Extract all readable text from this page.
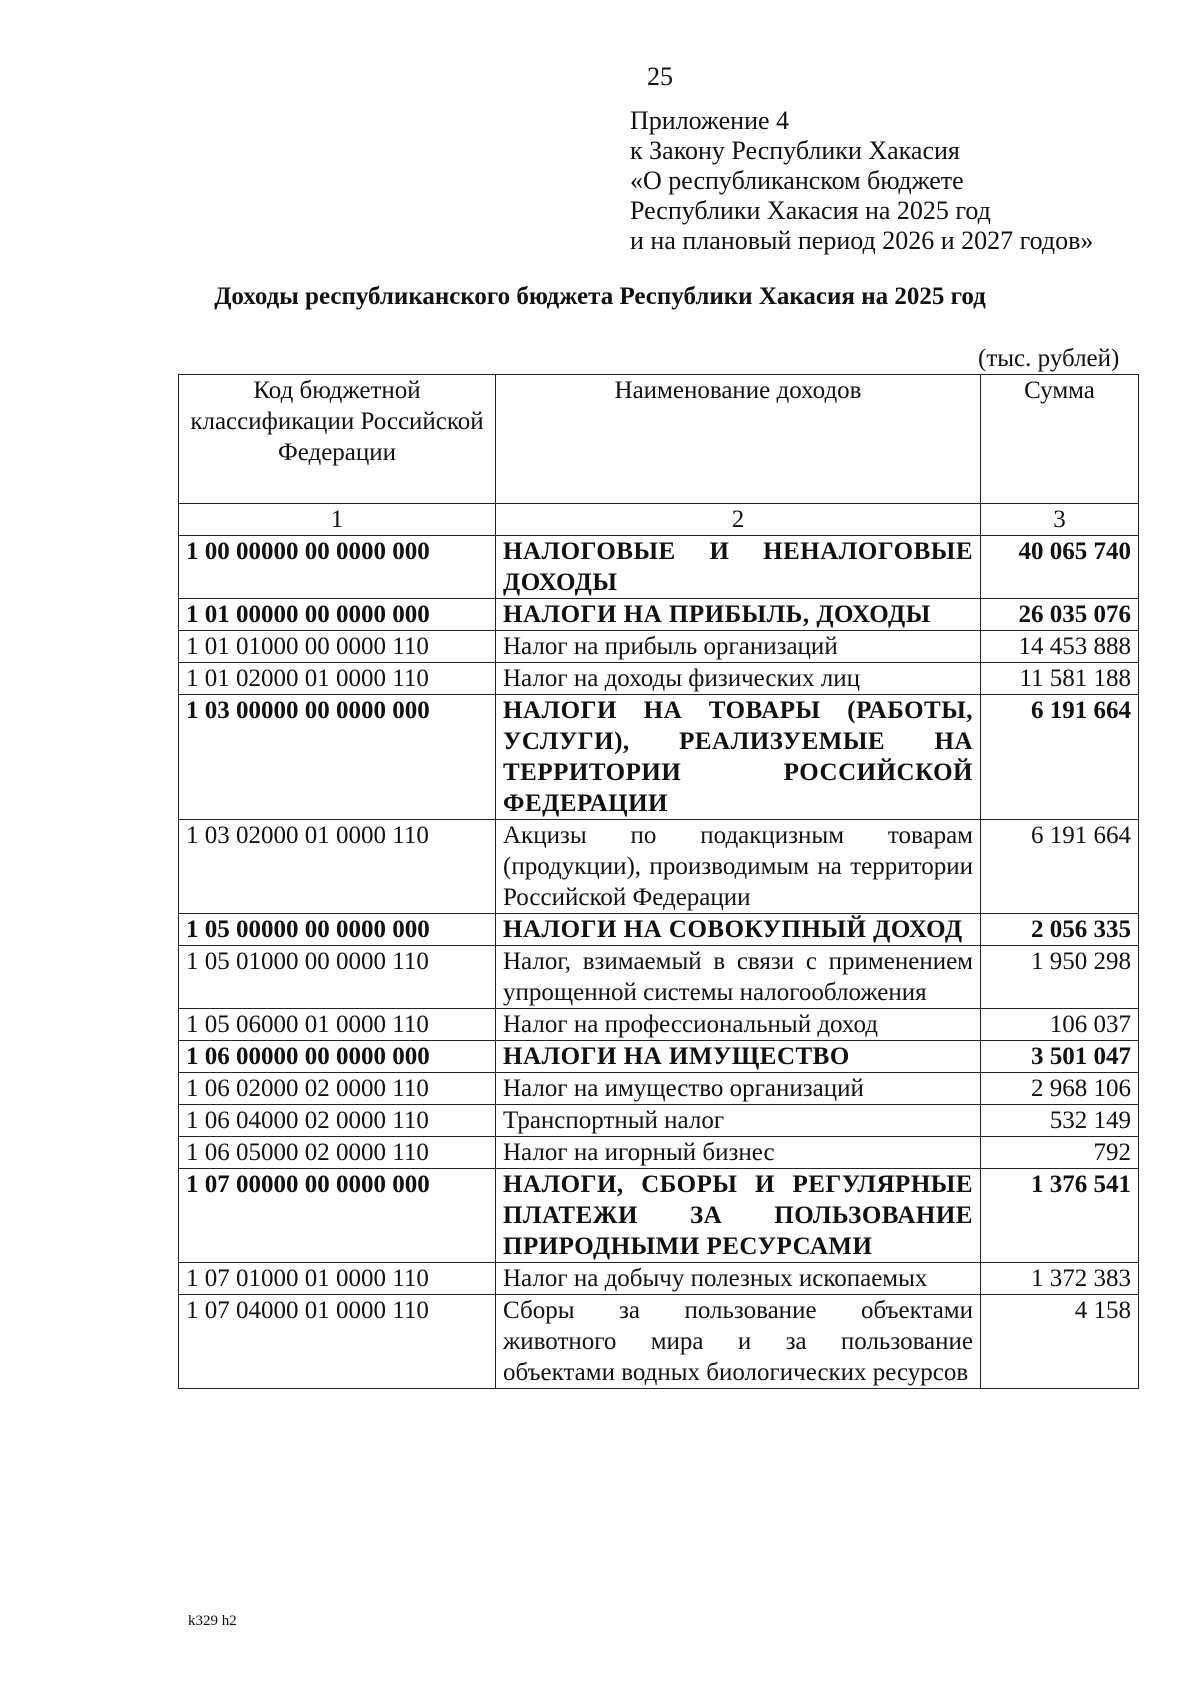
25
Приложение 4
к Закону Республики Хакасия
«О республиканском бюджете
Республики Хакасия на 2025 год
и на плановый период 2026 и 2027 годов»
Доходы республиканского бюджета Республики Хакасия на 2025 год
(тыс. рублей)
Код бюджетной классификации Российской Федерации	Наименование доходов	Сумма
1	2	3
1 00 00000 00 0000 000	НАЛОГОВЫЕ И НЕНАЛОГОВЫЕ ДОХОДЫ	40 065 740
1 01 00000 00 0000 000	НАЛОГИ НА ПРИБЫЛЬ, ДОХОДЫ	26 035 076
1 01 01000 00 0000 110	Налог на прибыль организаций	14 453 888
1 01 02000 01 0000 110	Налог на доходы физических лиц	11 581 188
1 03 00000 00 0000 000	НАЛОГИ НА ТОВАРЫ (РАБОТЫ, УСЛУГИ), РЕАЛИЗУЕМЫЕ НА ТЕРРИТОРИИ РОССИЙСКОЙ ФЕДЕРАЦИИ	6 191 664
1 03 02000 01 0000 110	Акцизы по подакцизным товарам (продукции), производимым на территории Российской Федерации	6 191 664
1 05 00000 00 0000 000	НАЛОГИ НА СОВОКУПНЫЙ ДОХОД	2 056 335
1 05 01000 00 0000 110	Налог, взимаемый в связи с применением упрощенной системы налогообложения	1 950 298
1 05 06000 01 0000 110	Налог на профессиональный доход	106 037
1 06 00000 00 0000 000	НАЛОГИ НА ИМУЩЕСТВО	3 501 047
1 06 02000 02 0000 110	Налог на имущество организаций	2 968 106
1 06 04000 02 0000 110	Транспортный налог	532 149
1 06 05000 02 0000 110	Налог на игорный бизнес	792
1 07 00000 00 0000 000	НАЛОГИ, СБОРЫ И РЕГУЛЯРНЫЕ ПЛАТЕЖИ ЗА ПОЛЬЗОВАНИЕ ПРИРОДНЫМИ РЕСУРСАМИ	1 376 541
1 07 01000 01 0000 110	Налог на добычу полезных ископаемых	1 372 383
1 07 04000 01 0000 110	Сборы за пользование объектами животного мира и за пользование объектами водных биологических ресурсов	4 158
k329 h2
